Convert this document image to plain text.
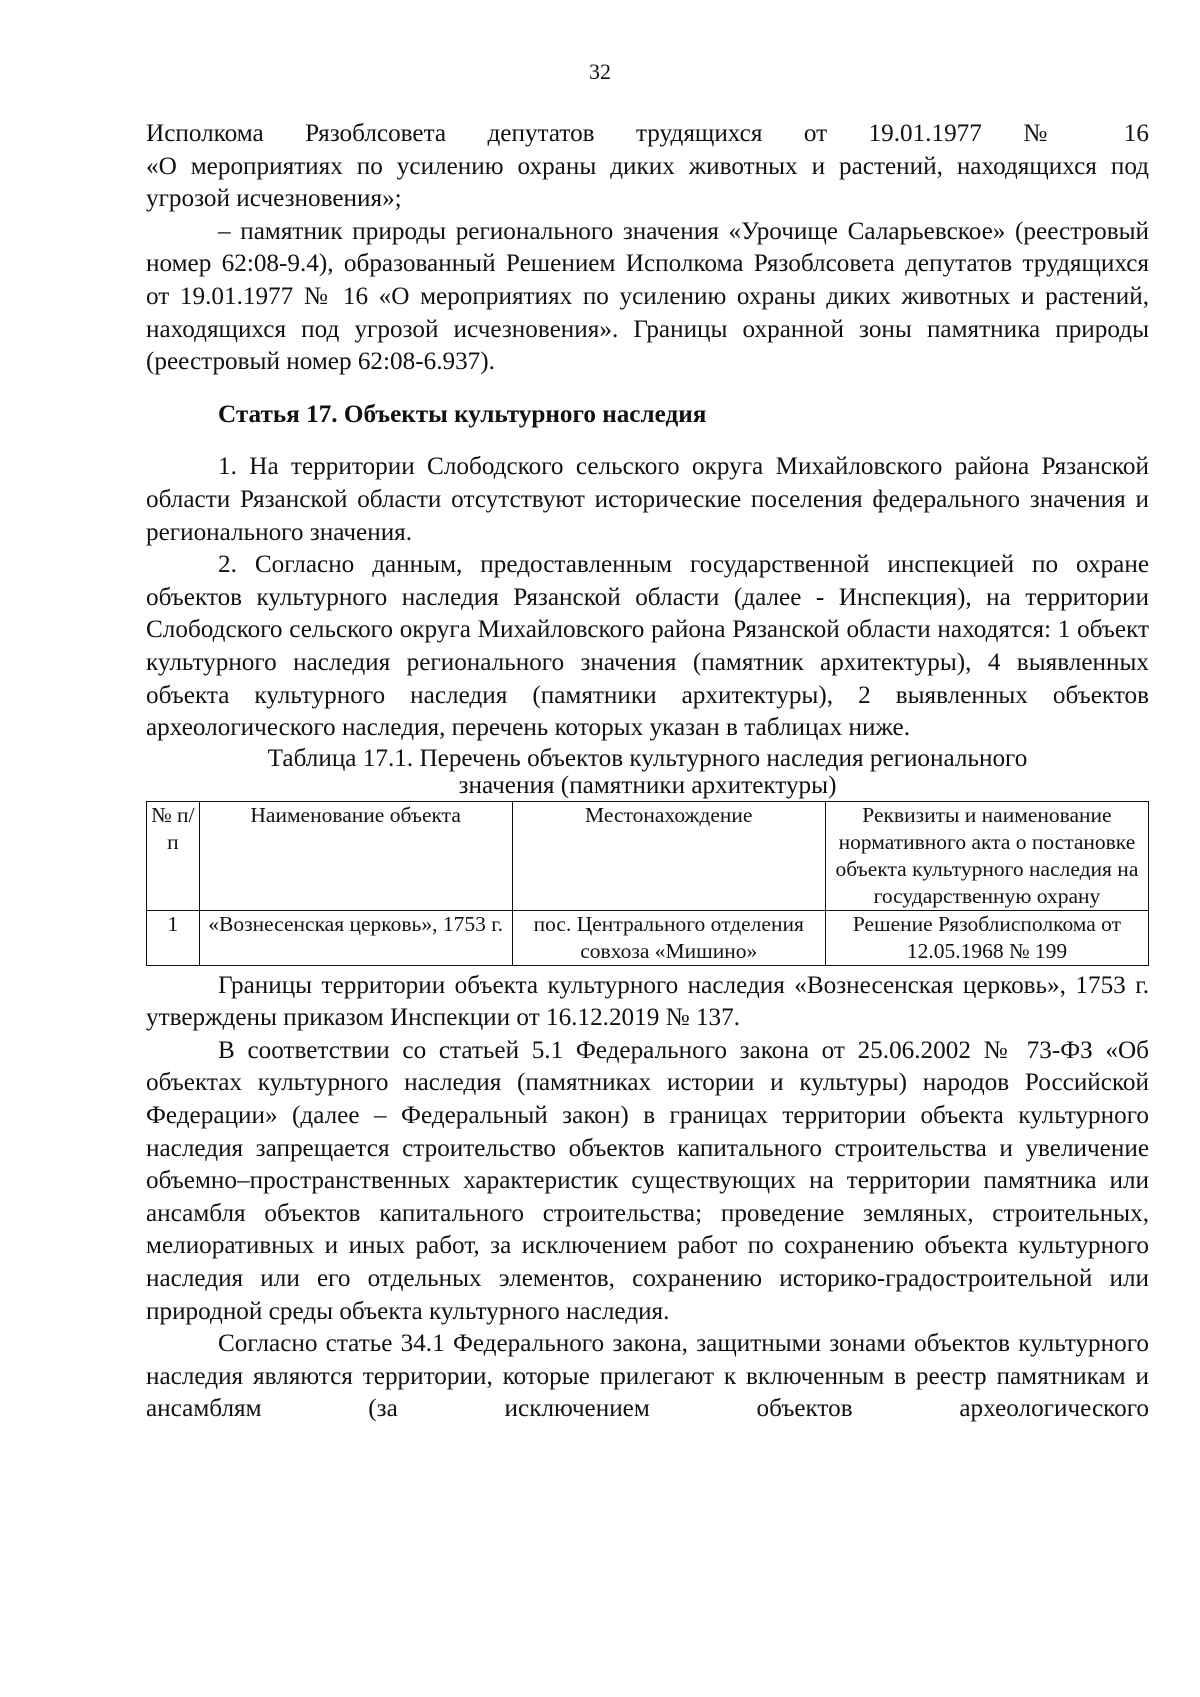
32

Исполкома Рязоблсовета депутатов трудящихся от 19.01.1977 № 16

«О мероприятиях по усилению охраны диких животных и растений, находящихся под угрозой исчезновения»;

– памятник природы регионального значения «Урочище Саларьевское» (реестровый номер 62:08-9.4), образованный Решением Исполкома Рязоблсовета депутатов трудящихся от 19.01.1977 № 16 «О мероприятиях по усилению охраны диких животных и растений, находящихся под угрозой исчезновения». Границы охранной зоны памятника природы (реестровый номер 62:08-6.937).

Статья 17. Объекты культурного наследия

1. На территории Слободского сельского округа Михайловского района Рязанской области Рязанской области отсутствуют исторические поселения федерального значения и регионального значения.

2. Согласно данным, предоставленным государственной инспекцией по охране объектов культурного наследия Рязанской области (далее - Инспекция), на территории Слободского сельского округа Михайловского района Рязанской области находятся: 1 объект культурного наследия регионального значения (памятник архитектуры), 4 выявленных объекта культурного наследия (памятники архитектуры), 2 выявленных объектов археологического наследия, перечень которых указан в таблицах ниже.

Таблица 17.1. Перечень объектов культурного наследия регионального

значения (памятники архитектуры)

№ п/п	Наименование объекта	Местонахождение	Реквизиты и наименование нормативного акта о постановке объекта культурного наследия на государственную охрану
1	«Вознесенская церковь», 1753 г.	пос. Центрального отделения совхоза «Мишино»	Решение Рязоблисполкома от 12.05.1968 № 199

Границы территории объекта культурного наследия «Вознесенская церковь», 1753 г. утверждены приказом Инспекции от 16.12.2019 № 137.

В соответствии со статьей 5.1 Федерального закона от 25.06.2002 № 73-ФЗ «Об объектах культурного наследия (памятниках истории и культуры) народов Российской Федерации» (далее – Федеральный закон) в границах территории объекта культурного наследия запрещается строительство объектов капитального строительства и увеличение объемно–пространственных характеристик существующих на территории памятника или ансамбля объектов капитального строительства; проведение земляных, строительных, мелиоративных и иных работ, за исключением работ по сохранению объекта культурного наследия или его отдельных элементов, сохранению историко-градостроительной или природной среды объекта культурного наследия.

Согласно статье 34.1 Федерального закона, защитными зонами объектов культурного наследия являются территории, которые прилегают к включенным в реестр памятникам и ансамблям (за исключением объектов археологического
